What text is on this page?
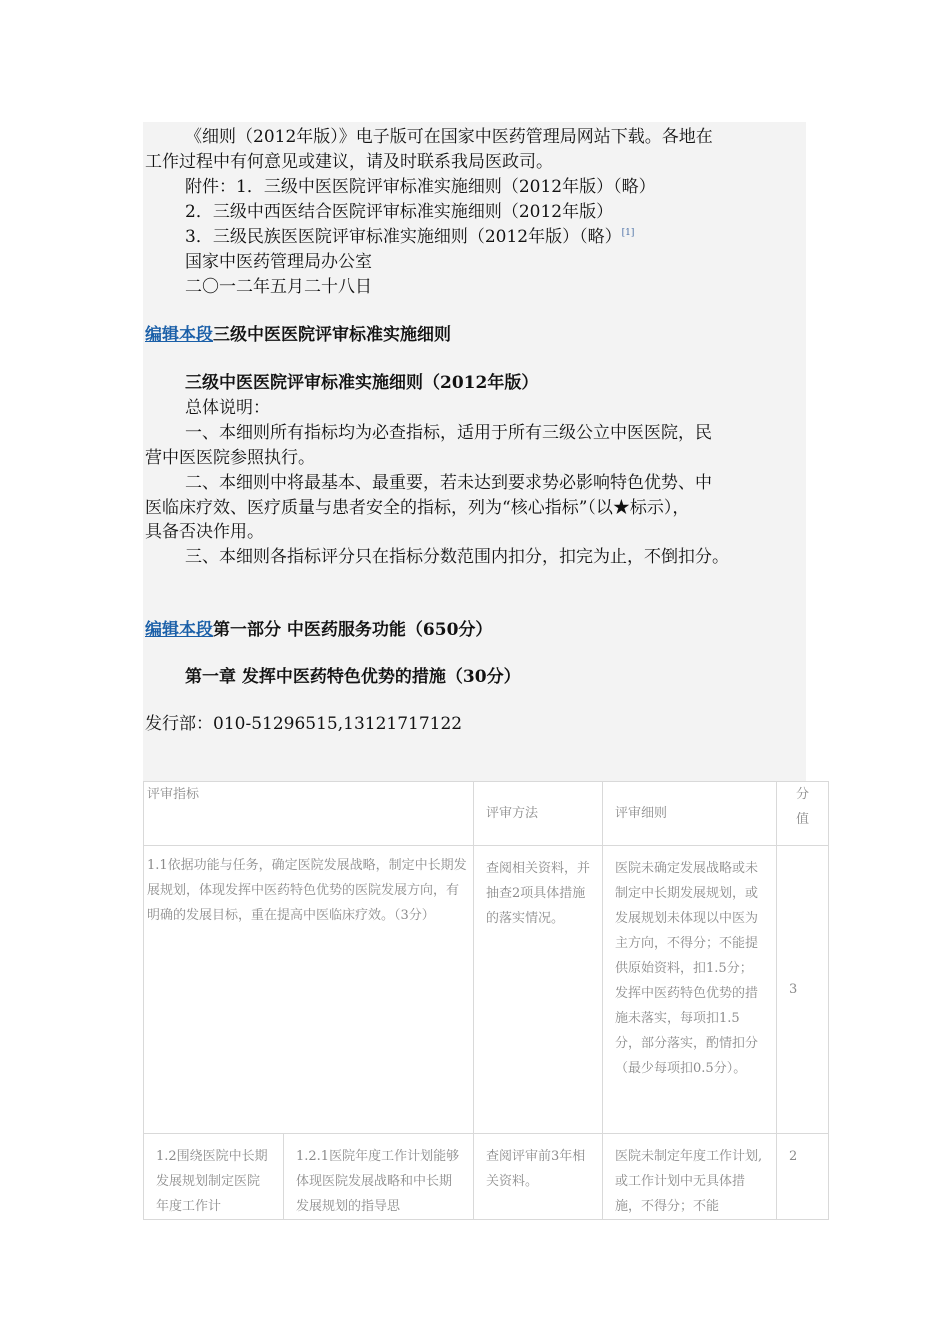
《细则（2012年版）》电子版可在国家中医药管理局网站下载。各地在
工作过程中有何意见或建议，请及时联系我局医政司。
附件：1．三级中医医院评审标准实施细则（2012年版）（略）
2．三级中西医结合医院评审标准实施细则（2012年版）
3．三级民族医医院评审标准实施细则（2012年版）（略）[1]
国家中医药管理局办公室
二〇一二年五月二十八日
编辑本段三级中医医院评审标准实施细则
三级中医医院评审标准实施细则（2012年版）
总体说明：
一、本细则所有指标均为必查指标，适用于所有三级公立中医医院，民
营中医医院参照执行。
二、本细则中将最基本、最重要，若未达到要求势必影响特色优势、中
医临床疗效、医疗质量与患者安全的指标，列为“核心指标”（以★标示），
具备否决作用。
三、本细则各指标评分只在指标分数范围内扣分，扣完为止，不倒扣分。
编辑本段第一部分 中医药服务功能（650分）
第一章 发挥中医药特色优势的措施（30分）
发行部：010-51296515,13121717122
评审指标		评审方法	评审细则	分值
1.1依据功能与任务，确定医院发展战略，制定中长期发展规划，体现发挥中医药特色优势的医院发展方向，有明确的发展目标，重在提高中医临床疗效。（3分）		查阅相关资料，并抽查2项具体措施的落实情况。	医院未确定发展战略或未制定中长期发展规划，或发展规划未体现以中医为主方向，不得分；不能提供原始资料，扣1.5分；发挥中医药特色优势的措施未落实，每项扣1.5分，部分落实，酌情扣分（最少每项扣0.5分）。	3
1.2围绕医院中长期发展规划制定医院年度工作计	1.2.1医院年度工作计划能够体现医院发展战略和中长期发展规划的指导思	查阅评审前3年相关资料。	医院未制定年度工作计划,或工作计划中无具体措施，不得分；不能	2
